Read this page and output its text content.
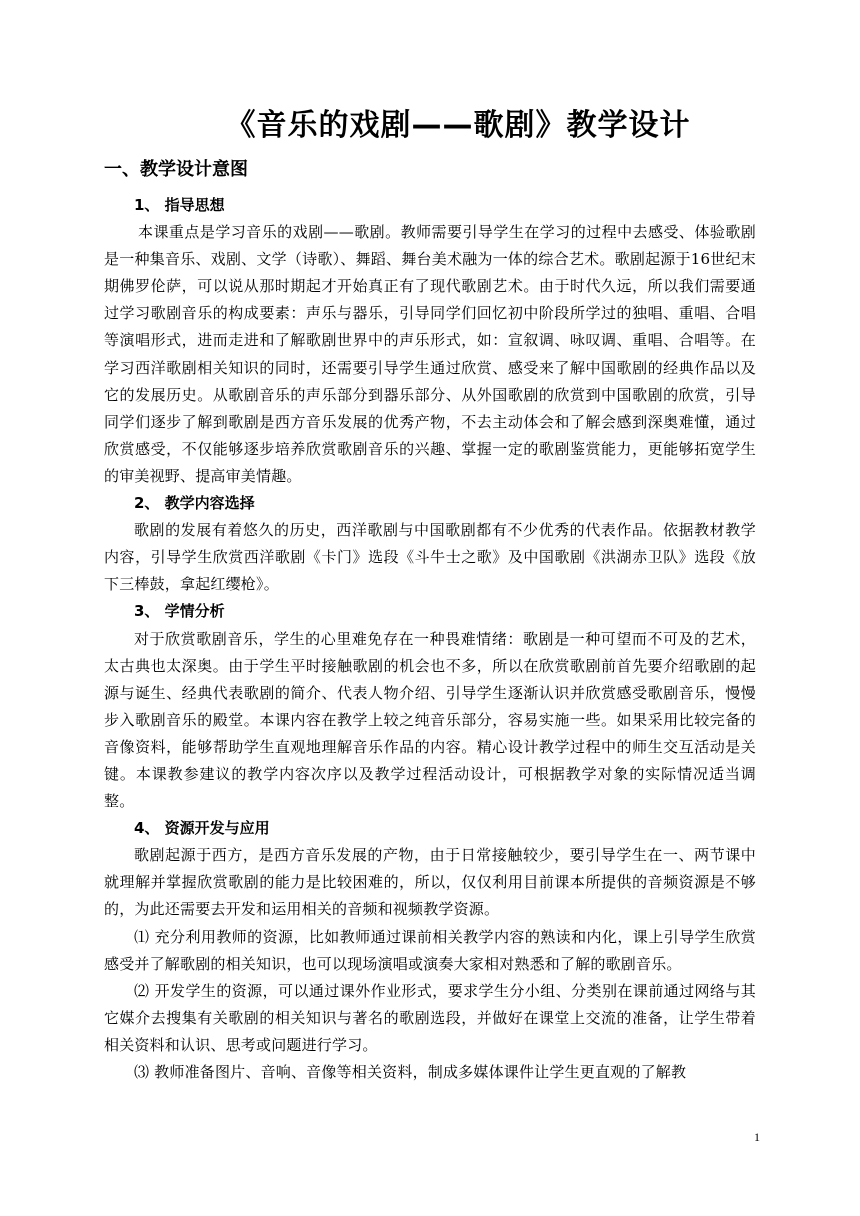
《音乐的戏剧——歌剧》教学设计
一、教学设计意图

1、 指导思想

本课重点是学习音乐的戏剧——歌剧。教师需要引导学生在学习的过程中去感受、体验歌剧是一种集音乐、戏剧、文学（诗歌）、舞蹈、舞台美术融为一体的综合艺术。歌剧起源于16世纪末期佛罗伦萨，可以说从那时期起才开始真正有了现代歌剧艺术。由于时代久远，所以我们需要通过学习歌剧音乐的构成要素：声乐与器乐，引导同学们回忆初中阶段所学过的独唱、重唱、合唱等演唱形式，进而走进和了解歌剧世界中的声乐形式，如：宣叙调、咏叹调、重唱、合唱等。在学习西洋歌剧相关知识的同时，还需要引导学生通过欣赏、感受来了解中国歌剧的经典作品以及它的发展历史。从歌剧音乐的声乐部分到器乐部分、从外国歌剧的欣赏到中国歌剧的欣赏，引导同学们逐步了解到歌剧是西方音乐发展的优秀产物，不去主动体会和了解会感到深奥难懂，通过欣赏感受，不仅能够逐步培养欣赏歌剧音乐的兴趣、掌握一定的歌剧鉴赏能力，更能够拓宽学生的审美视野、提高审美情趣。

2、 教学内容选择

歌剧的发展有着悠久的历史，西洋歌剧与中国歌剧都有不少优秀的代表作品。依据教材教学内容，引导学生欣赏西洋歌剧《卡门》选段《斗牛士之歌》及中国歌剧《洪湖赤卫队》选段《放下三棒鼓，拿起红缨枪》。

3、 学情分析

对于欣赏歌剧音乐，学生的心里难免存在一种畏难情绪：歌剧是一种可望而不可及的艺术，太古典也太深奥。由于学生平时接触歌剧的机会也不多，所以在欣赏歌剧前首先要介绍歌剧的起源与诞生、经典代表歌剧的简介、代表人物介绍、引导学生逐渐认识并欣赏感受歌剧音乐，慢慢步入歌剧音乐的殿堂。本课内容在教学上较之纯音乐部分，容易实施一些。如果采用比较完备的音像资料，能够帮助学生直观地理解音乐作品的内容。精心设计教学过程中的师生交互活动是关键。本课教参建议的教学内容次序以及教学过程活动设计，可根据教学对象的实际情况适当调整。

4、 资源开发与应用

歌剧起源于西方，是西方音乐发展的产物，由于日常接触较少，要引导学生在一、两节课中就理解并掌握欣赏歌剧的能力是比较困难的，所以，仅仅利用目前课本所提供的音频资源是不够的，为此还需要去开发和运用相关的音频和视频教学资源。

⑴ 充分利用教师的资源，比如教师通过课前相关教学内容的熟读和内化，课上引导学生欣赏感受并了解歌剧的相关知识，也可以现场演唱或演奏大家相对熟悉和了解的歌剧音乐。

⑵ 开发学生的资源，可以通过课外作业形式，要求学生分小组、分类别在课前通过网络与其它媒介去搜集有关歌剧的相关知识与著名的歌剧选段，并做好在课堂上交流的准备，让学生带着相关资料和认识、思考或问题进行学习。

⑶ 教师准备图片、音响、音像等相关资料，制成多媒体课件让学生更直观的了解教

1
